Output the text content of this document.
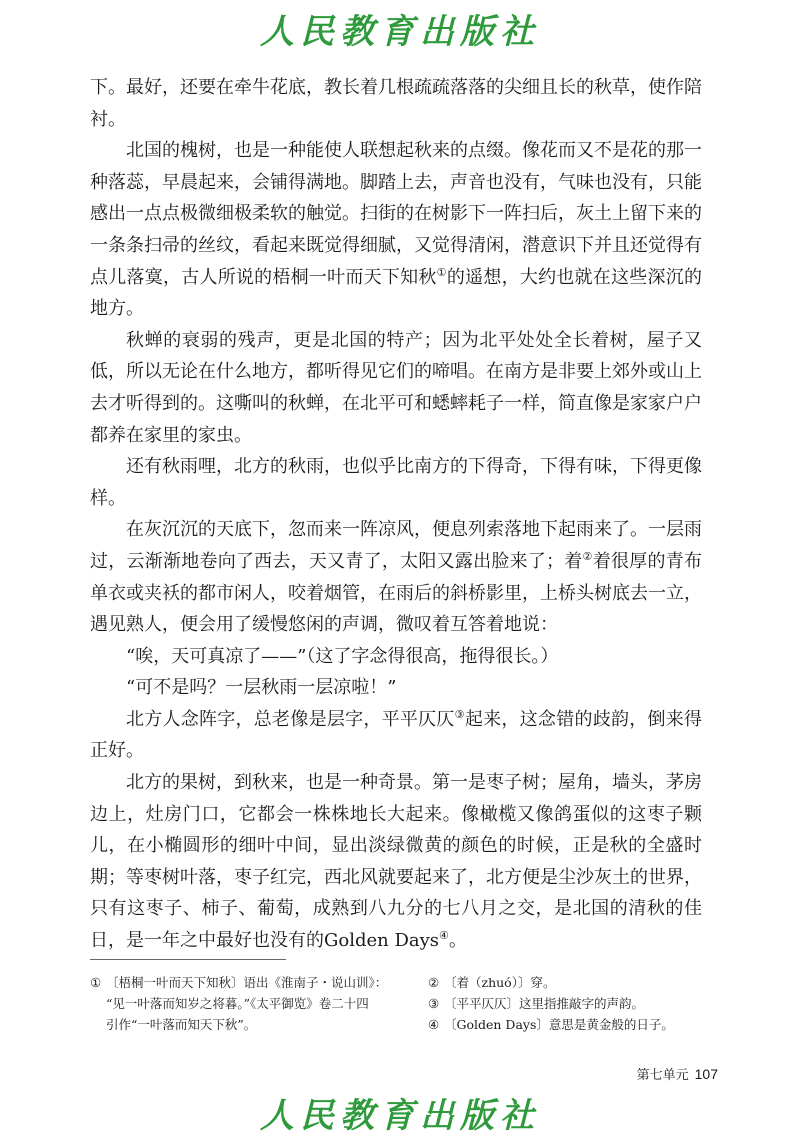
人民教育出版社

下。最好，还要在牵牛花底，教长着几根疏疏落落的尖细且长的秋草，使作陪衬。

北国的槐树，也是一种能使人联想起秋来的点缀。像花而又不是花的那一种落蕊，早晨起来，会铺得满地。脚踏上去，声音也没有，气味也没有，只能感出一点点极微细极柔软的触觉。扫街的在树影下一阵扫后，灰土上留下来的一条条扫帚的丝纹，看起来既觉得细腻，又觉得清闲，潜意识下并且还觉得有点儿落寞，古人所说的梧桐一叶而天下知秋①的遥想，大约也就在这些深沉的地方。

秋蝉的衰弱的残声，更是北国的特产；因为北平处处全长着树，屋子又低，所以无论在什么地方，都听得见它们的啼唱。在南方是非要上郊外或山上去才听得到的。这嘶叫的秋蝉，在北平可和蟋蟀耗子一样，简直像是家家户户都养在家里的家虫。

还有秋雨哩，北方的秋雨，也似乎比南方的下得奇，下得有味，下得更像样。

在灰沉沉的天底下，忽而来一阵凉风，便息列索落地下起雨来了。一层雨过，云渐渐地卷向了西去，天又青了，太阳又露出脸来了；着②着很厚的青布单衣或夹袄的都市闲人，咬着烟管，在雨后的斜桥影里，上桥头树底去一立，遇见熟人，便会用了缓慢悠闲的声调，微叹着互答着地说：

“唉，天可真凉了——”（这了字念得很高，拖得很长。）

“可不是吗？一层秋雨一层凉啦！”

北方人念阵字，总老像是层字，平平仄仄③起来，这念错的歧韵，倒来得正好。

北方的果树，到秋来，也是一种奇景。第一是枣子树；屋角，墙头，茅房边上，灶房门口，它都会一株株地长大起来。像橄榄又像鸽蛋似的这枣子颗儿，在小椭圆形的细叶中间，显出淡绿微黄的颜色的时候，正是秋的全盛时期；等枣树叶落，枣子红完，西北风就要起来了，北方便是尘沙灰土的世界，只有这枣子、柿子、葡萄，成熟到八九分的七八月之交，是北国的清秋的佳日，是一年之中最好也没有的Golden Days④。

① 〔梧桐一叶而天下知秋〕语出《淮南子・说山训》：
“见一叶落而知岁之将暮。”《太平御览》卷二十四
引作“一叶落而知天下秋”。
② 〔着（zhuó）〕穿。
③ 〔平平仄仄〕这里指推敲字的声韵。
④ 〔Golden Days〕意思是黄金般的日子。
第七单元 107
人民教育出版社
